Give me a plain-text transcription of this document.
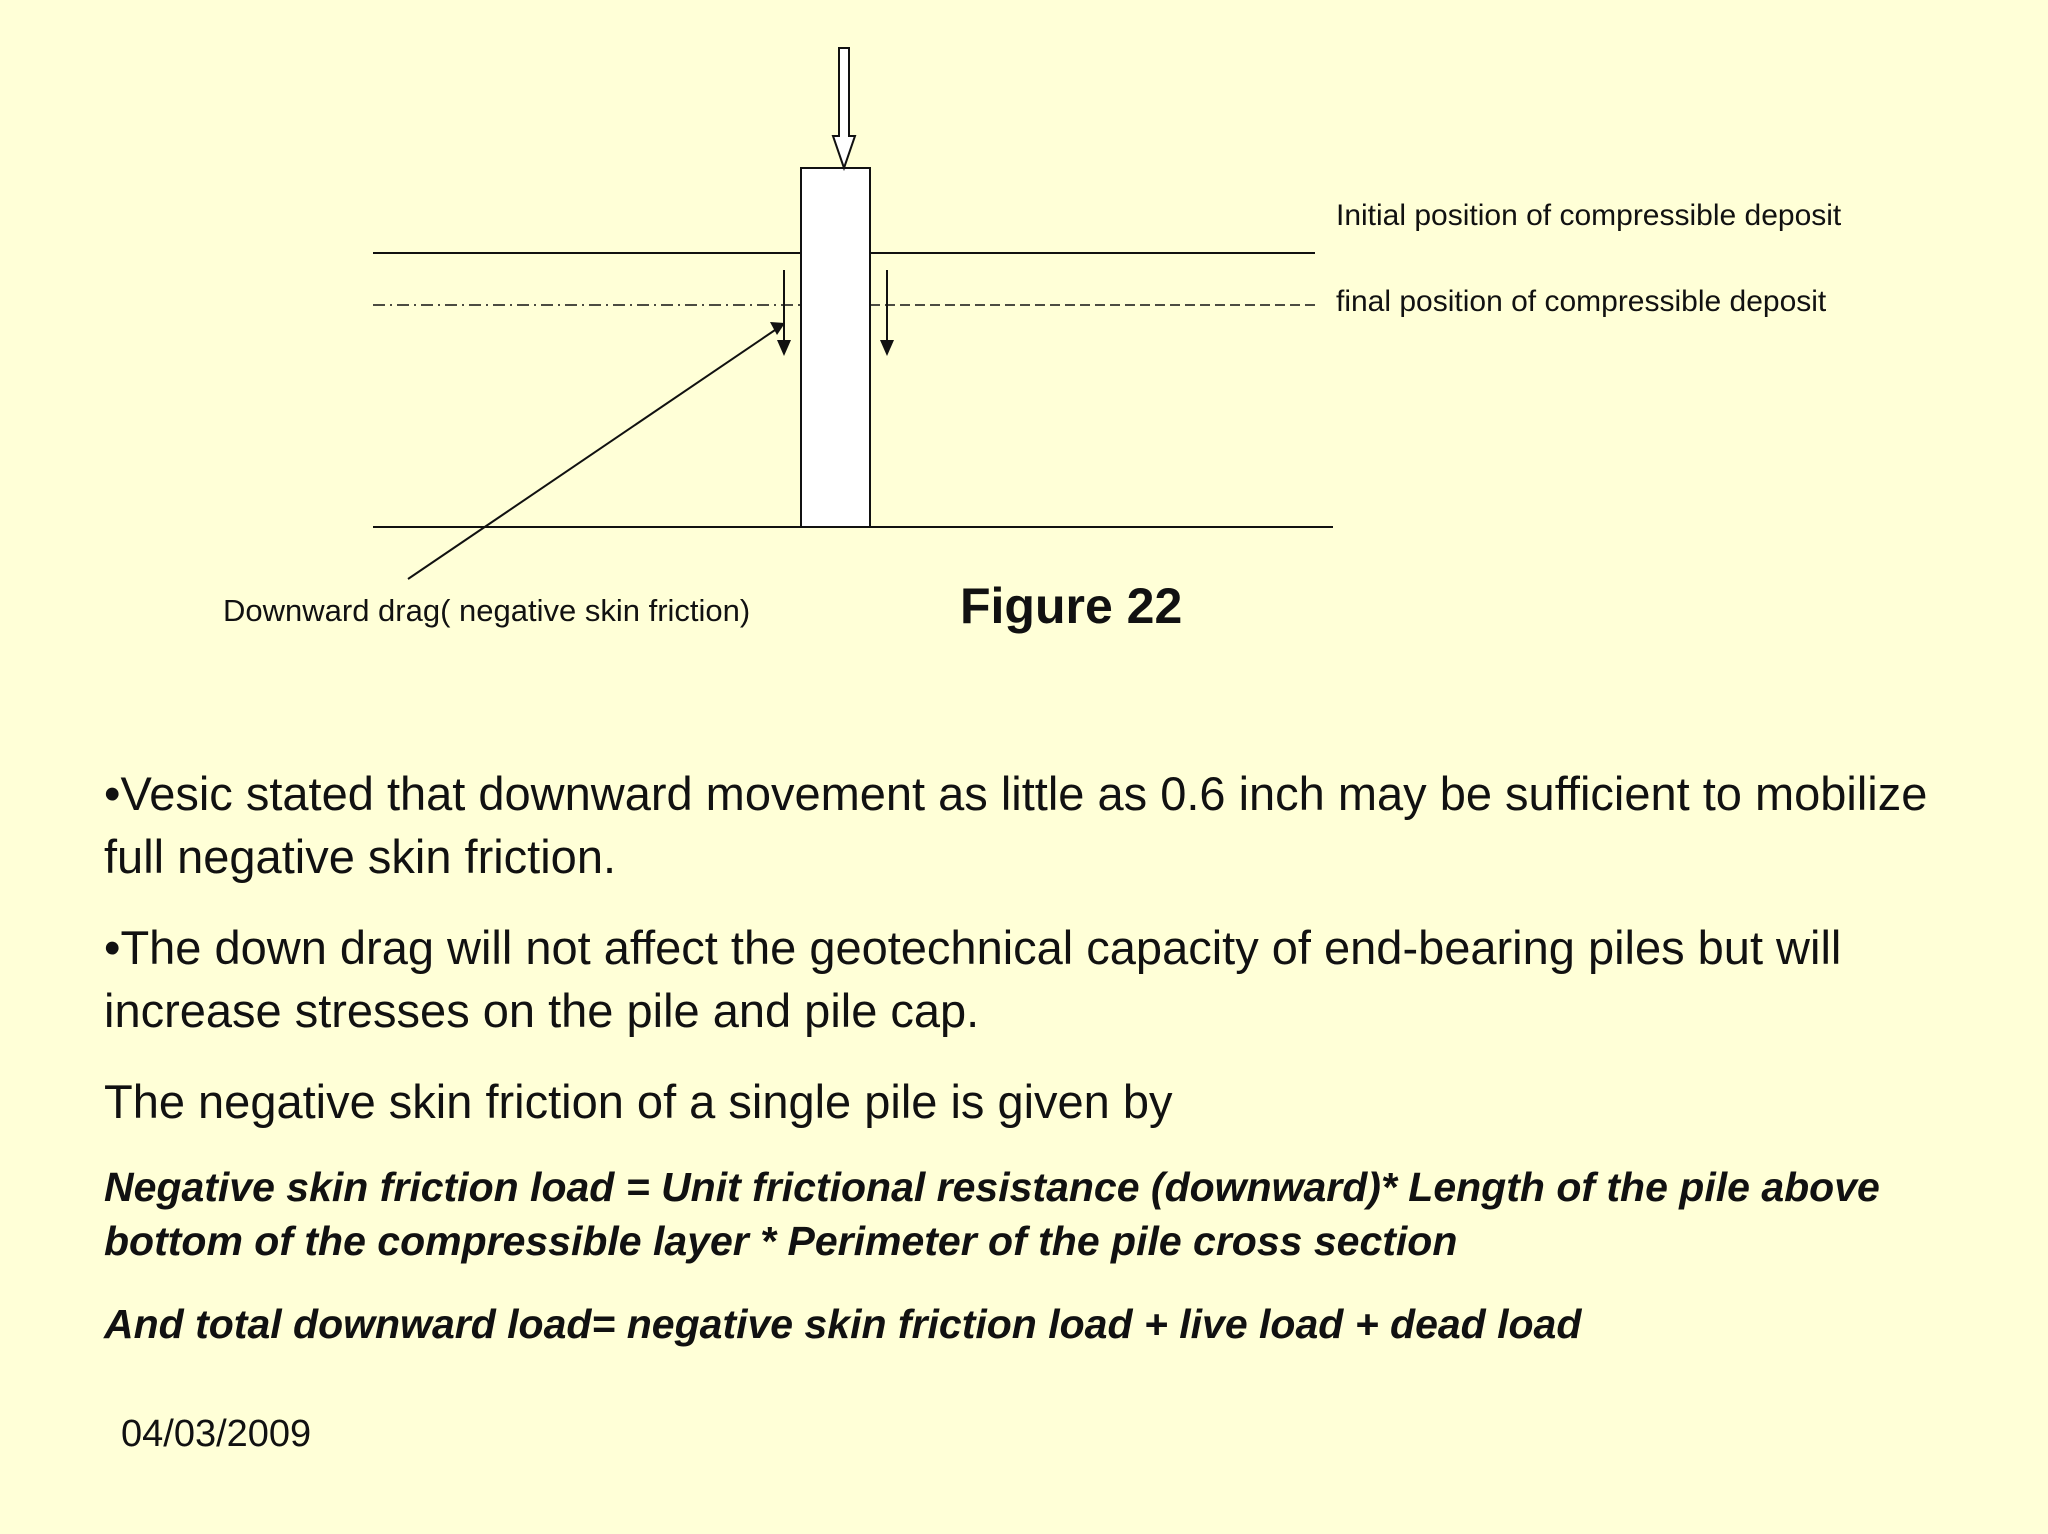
Initial position of compressible deposit
final position of compressible deposit
Downward drag( negative skin friction)	Figure 22

•Vesic stated that downward movement as little as 0.6 inch may be sufficient to mobilize full negative skin friction.

•The down drag will not affect the geotechnical capacity of end-bearing piles but will increase stresses on the pile and pile cap.

The negative skin friction of a single pile is given by

Negative skin friction load = Unit frictional resistance (downward)* Length of the pile above bottom of the compressible layer * Perimeter of the pile cross section

And total downward load= negative skin friction load + live load + dead load

04/03/2009
